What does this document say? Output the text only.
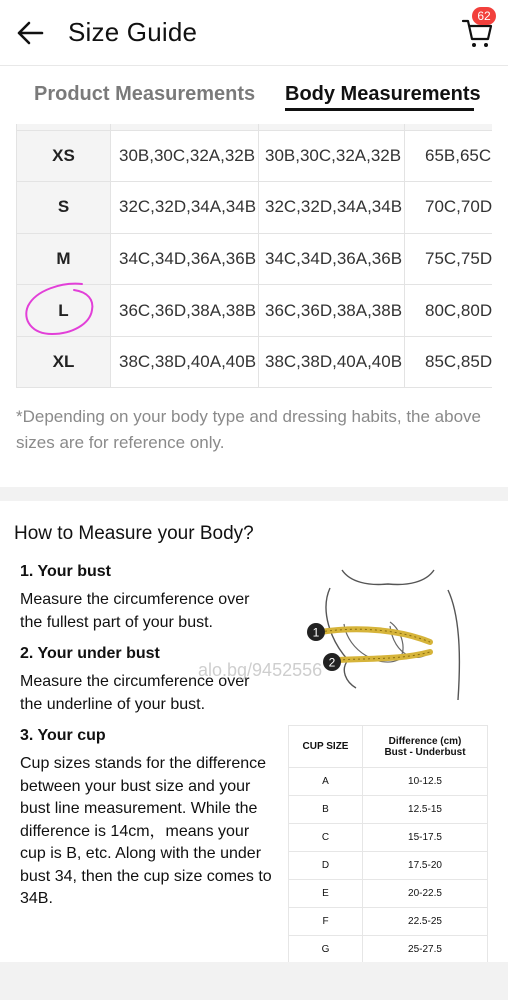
Size Guide
62
Product Measurements Body Measurements

XS	30B,30C,32A,32B	30B,30C,32A,32B	65B,65C
S	32C,32D,34A,34B	32C,32D,34A,34B	70C,70D
M	34C,34D,36A,36B	34C,34D,36A,36B	75C,75D
L	36C,36D,38A,38B	36C,36D,38A,38B	80C,80D
XL	38C,38D,40A,40B	38C,38D,40A,40B	85C,85D
*Depending on your body type and dressing habits, the above sizes are for reference only.
How to Measure your Body?
1. Your bust
Measure the circumference over the fullest part of your bust.
2. Your under bust
Measure the circumference over the underline of your bust.
3. Your cup
Cup sizes stands for the difference between your bust size and your bust line measurement. While the difference is 14cm，means your cup is B, etc. Along with the under bust 34, then the cup size comes to 34B.
1
2
alo.bg/9452556
CUP SIZE	Difference (cm)
Bust - Underbust

A	10-12.5
B	12.5-15
C	15-17.5
D	17.5-20
E	20-22.5
F	22.5-25
G	25-27.5
